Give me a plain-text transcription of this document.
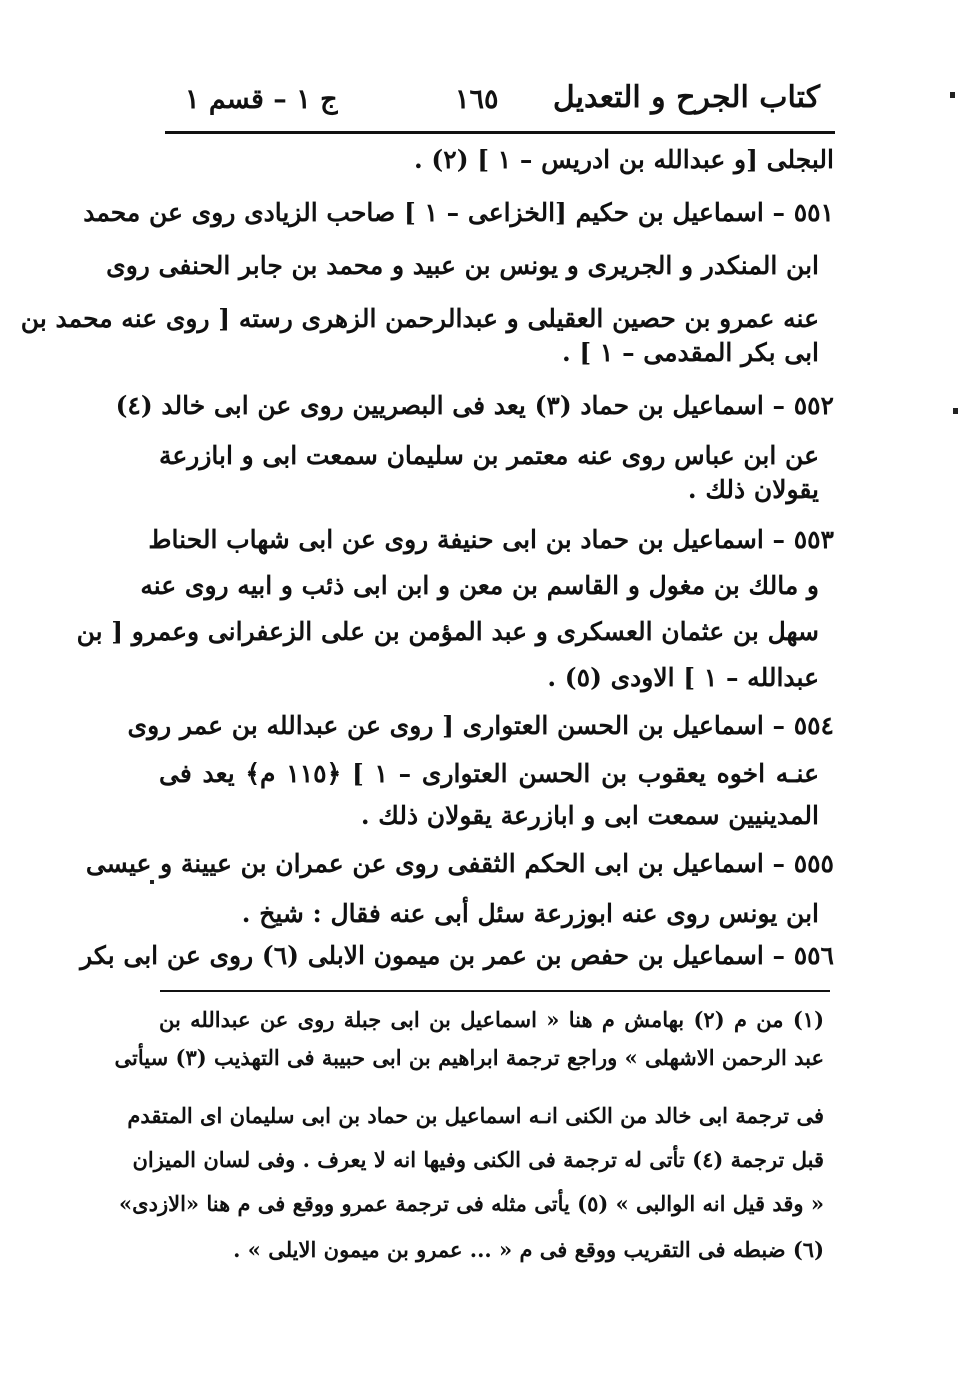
كتاب الجرح و التعديل
١٦٥
ج ١ – قسم ١
البجلى [و عبدالله بن ادريس – ١ ] (٢) ‌.
٥٥١ – اسماعيل بن حكيم [الخزاعى – ١ ] صاحب الزيادى روى عن محمد
ابن المنكدر و الجريرى و يونس بن عبيد و محمد بن جابر الحنفى روى
عنه عمرو بن حصين العقيلى و عبدالرحمن الزهرى رسته [ روى عنه محمد بن
ابى بكر المقدمى – ١ ] ‌.
٥٥٢ – اسماعيل بن حماد (٣) يعد فى البصريين روى عن ابى خالد (٤)
عن ابن عباس روى عنه معتمر بن سليمان سمعت ابى و ابازرعة
يقولان ذلك ‌.
٥٥٣ – اسماعيل بن حماد بن ابى حنيفة روى عن ابى شهاب الحناط
و مالك بن مغول و القاسم بن معن و ابن ابى ذئب و ابيه روى عنه
سهل بن عثمان العسكرى و عبد المؤمن بن على الزعفرانى وعمرو [ بن
عبدالله – ١ ] الاودى (٥) ‌.
٥٥٤ – اسماعيل بن الحسن العتوارى [ روى عن عبدالله بن عمر روى
عنـه اخوه يعقوب بن الحسن العتوارى – ١ ] ﴿١١٥ م﴾ يعد فى
المدينيين سمعت ابى و ابازرعة يقولان ذلك ‌.
٥٥٥ – اسماعيل بن ابى الحكم الثقفى روى عن عمران بن عيينة و عيسى
ابن يونس روى عنه ابوزرعة سئل أبى عنه فقال : شيخ ‌.
٥٥٦ – اسماعيل بن حفص بن عمر بن ميمون الابلى (٦) روى عن ابى بكر
(١) من م (٢) بهامش م هنا « اسماعيل بن ابى جبلة روى عن عبدالله بن
عبد الرحمن الاشهلى » وراجع ترجمة ابراهيم بن ابى حبيبة فى التهذيب (٣) سيأتى
فى ترجمة ابى خالد من الكنى انـه اسماعيل بن حماد بن ابى سليمان اى المتقدم
قبل ترجمة (٤) تأتى له ترجمة فى الكنى وفيها انه لا يعرف . وفى لسان الميزان
« وقد قيل انه الوالبى » (٥) يأتى مثله فى ترجمة عمرو ووقع فى م هنا «الازدى»
(٦) ضبطه فى التقريب ووقع فى م « ... عمرو بن ميمون الايلى » .
